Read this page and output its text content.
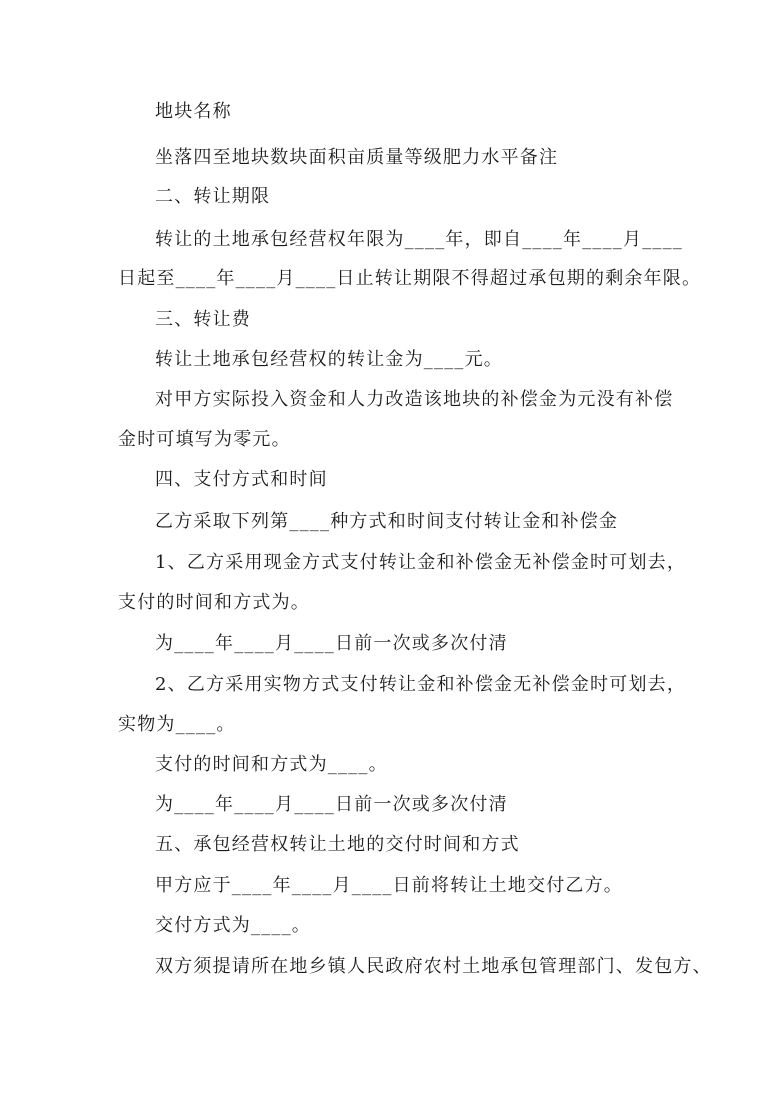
地块名称
坐落四至地块数块面积亩质量等级肥力水平备注
二、转让期限
转让的土地承包经营权年限为____年，即自____年____月____
日起至____年____月____日止转让期限不得超过承包期的剩余年限。
三、转让费
转让土地承包经营权的转让金为____元。
对甲方实际投入资金和人力改造该地块的补偿金为元没有补偿
金时可填写为零元。
四、支付方式和时间
乙方采取下列第____种方式和时间支付转让金和补偿金
1、乙方采用现金方式支付转让金和补偿金无补偿金时可划去，
支付的时间和方式为。
为____年____月____日前一次或多次付清
2、乙方采用实物方式支付转让金和补偿金无补偿金时可划去，
实物为____。
支付的时间和方式为____。
为____年____月____日前一次或多次付清
五、承包经营权转让土地的交付时间和方式
甲方应于____年____月____日前将转让土地交付乙方。
交付方式为____。
双方须提请所在地乡镇人民政府农村土地承包管理部门、发包方、
